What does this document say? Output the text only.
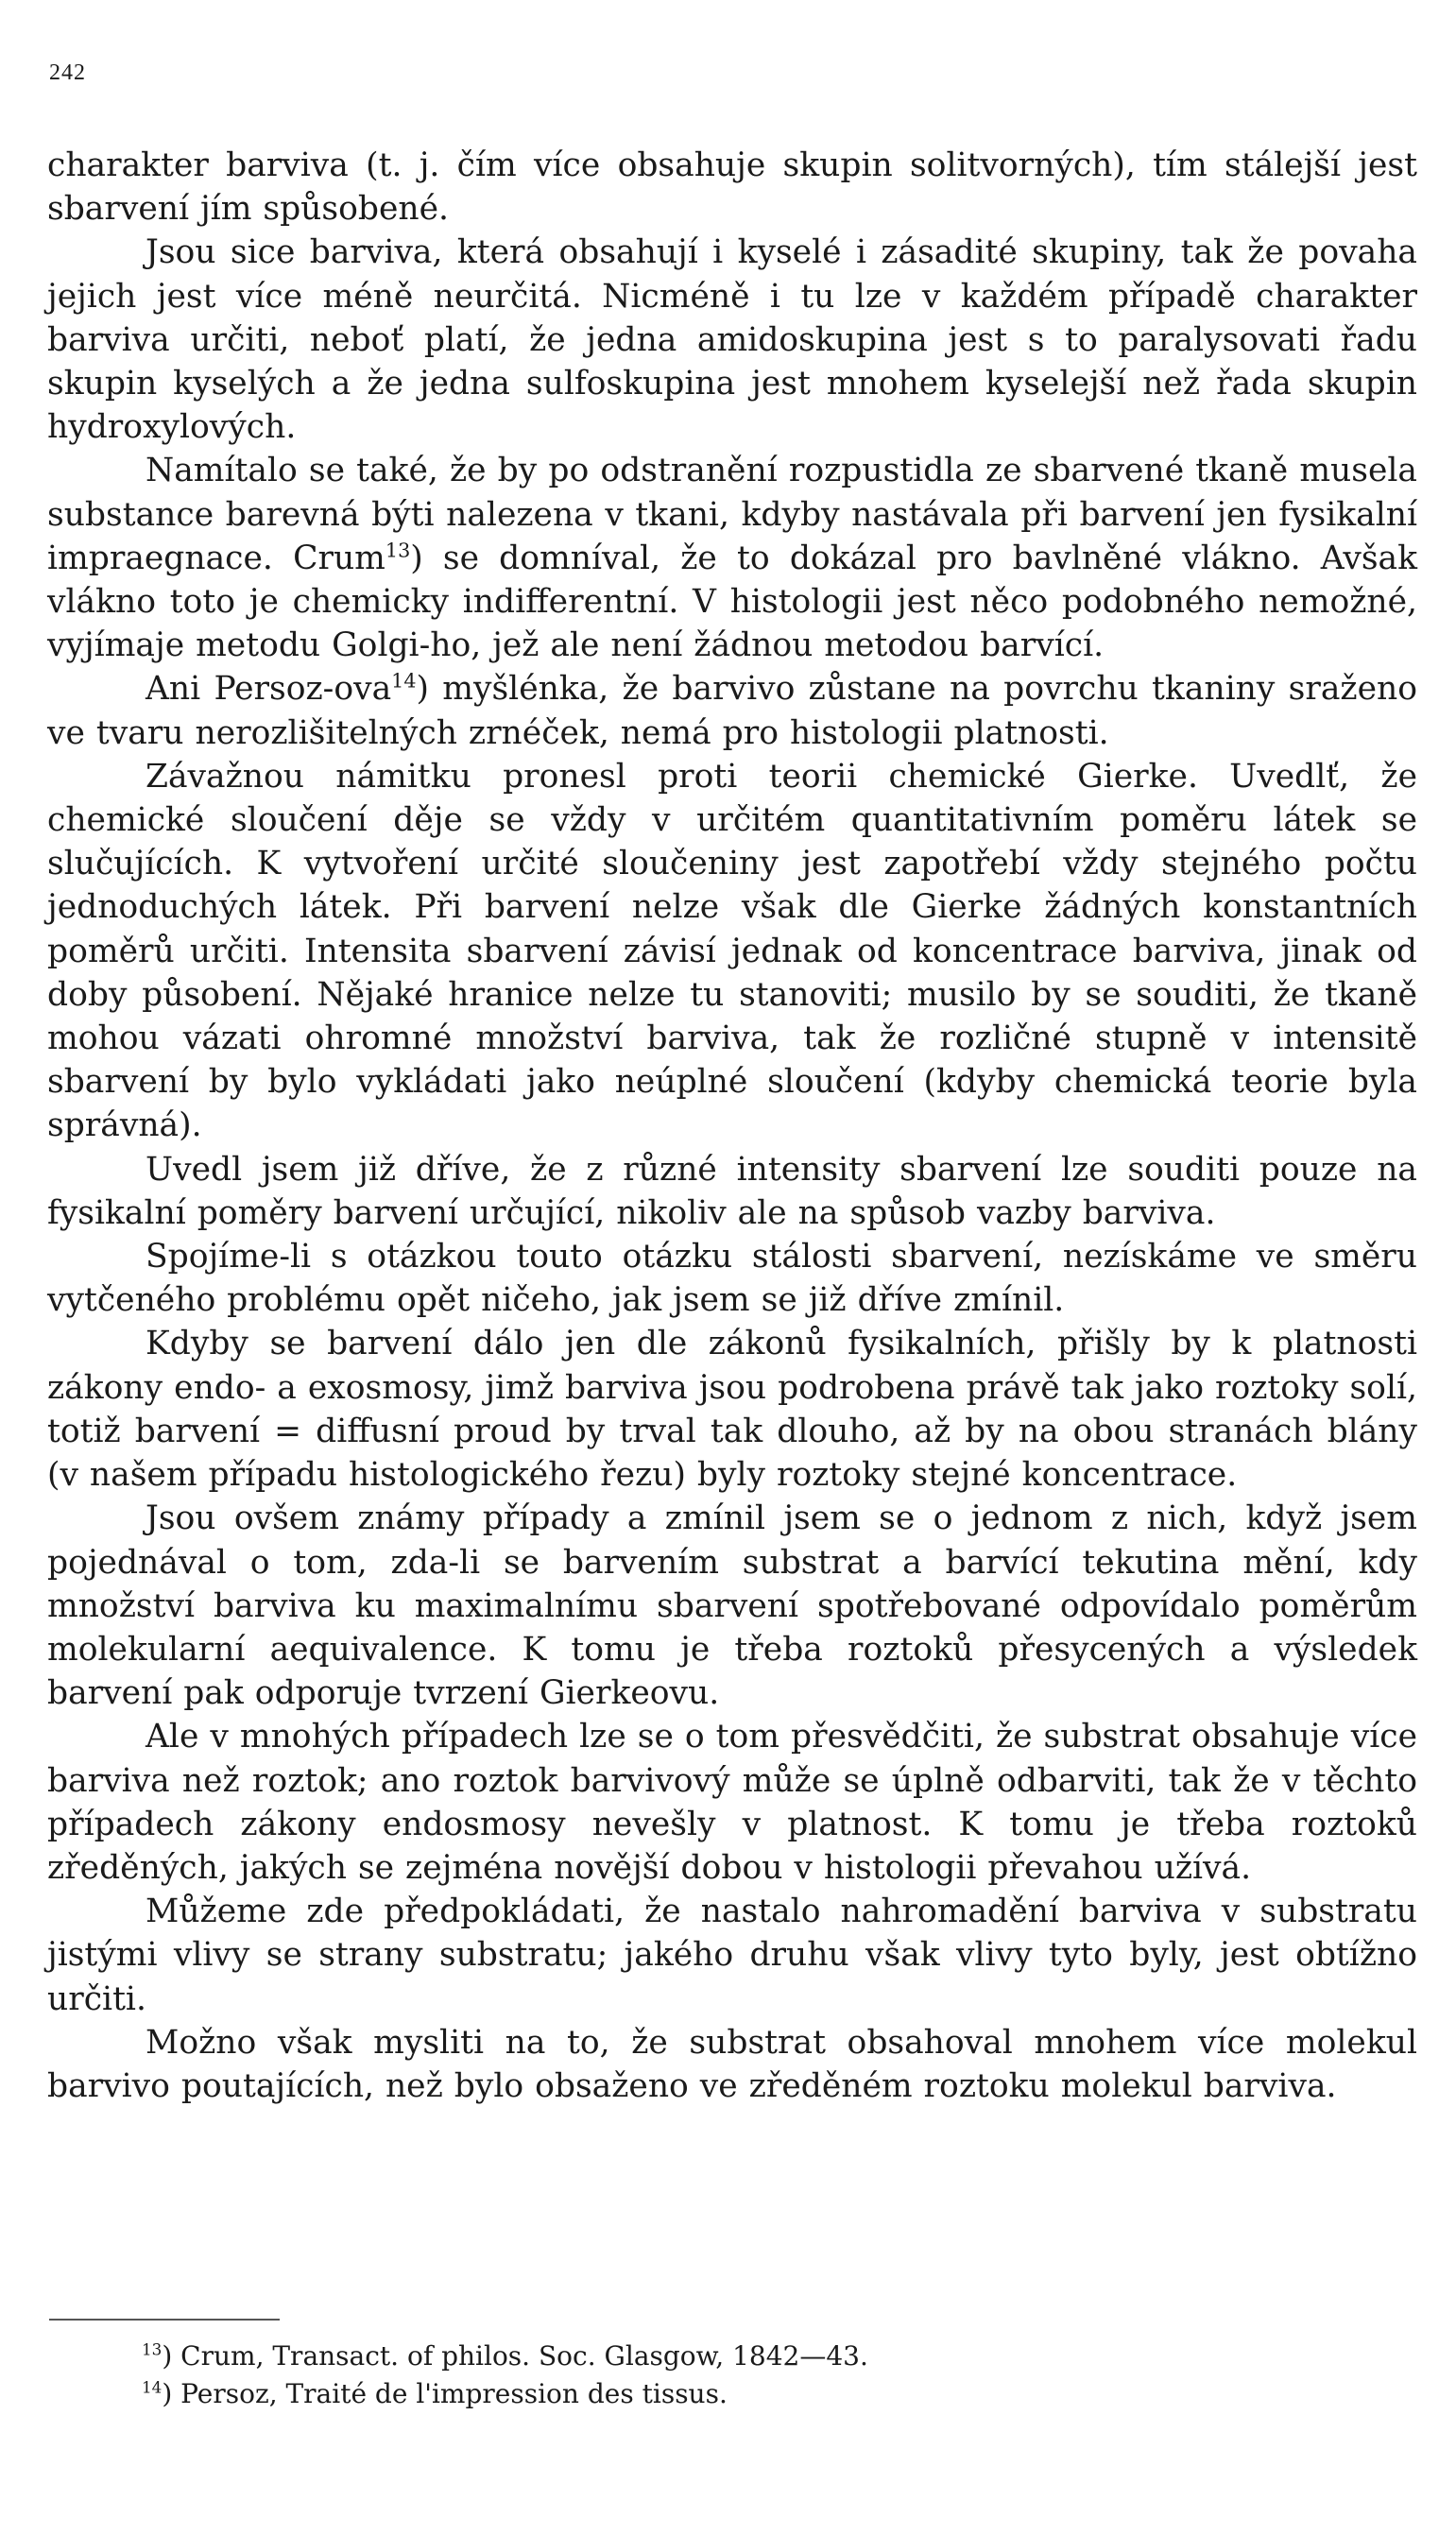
242

charakter barviva (t. j. čím více obsahuje skupin solitvorných), tím stálejší jest sbarvení jím spůsobené.

Jsou sice barviva, která obsahují i kyselé i zásadité skupiny, tak že povaha jejich jest více méně neurčitá. Nicméně i tu lze v každém případě charakter barviva určiti, neboť platí, že jedna amidoskupina jest s to paralysovati řadu skupin kyselých a že jedna sulfoskupina jest mnohem kyselejší než řada skupin hydroxylových.

Namítalo se také, že by po odstranění rozpustidla ze sbarvené tkaně musela substance barevná býti nalezena v tkani, kdyby nastávala při barvení jen fysikalní impraegnace. Crum$^{13}$) se domníval, že to dokázal pro bavlněné vlákno. Avšak vlákno toto je chemicky indifferentní. V histologii jest něco podobného nemožné, vyjímaje metodu Golgi-ho, jež ale není žádnou metodou barvící.

Ani Persoz-ova$^{14}$) myšlénka, že barvivo zůstane na povrchu tkaniny sraženo ve tvaru nerozlišitelných zrnéček, nemá pro histologii platnosti.

Závažnou námitku pronesl proti teorii chemické Gierke. Uvedlť, že chemické sloučení děje se vždy v určitém quantitativním poměru látek se slučujících. K vytvoření určité sloučeniny jest zapotřebí vždy stejného počtu jednoduchých látek. Při barvení nelze však dle Gierke žádných konstantních poměrů určiti. Intensita sbarvení závisí jednak od koncentrace barviva, jinak od doby působení. Nějaké hranice nelze tu stanoviti; musilo by se souditi, že tkaně mohou vázati ohromné množství barviva, tak že rozličné stupně v intensitě sbarvení by bylo vykládati jako neúplné sloučení (kdyby chemická teorie byla správná).

Uvedl jsem již dříve, že z různé intensity sbarvení lze souditi pouze na fysikalní poměry barvení určující, nikoliv ale na spůsob vazby barviva.

Spojíme-li s otázkou touto otázku stálosti sbarvení, nezískáme ve směru vytčeného problému opět ničeho, jak jsem se již dříve zmínil.

Kdyby se barvení dálo jen dle zákonů fysikalních, přišly by k platnosti zákony endo- a exosmosy, jimž barviva jsou podrobena právě tak jako roztoky solí, totiž barvení = diffusní proud by trval tak dlouho, až by na obou stranách blány (v našem případu histologického řezu) byly roztoky stejné koncentrace.

Jsou ovšem známy případy a zmínil jsem se o jednom z nich, když jsem pojednával o tom, zda-li se barvením substrat a barvící tekutina mění, kdy množství barviva ku maximalnímu sbarvení spotřebované odpovídalo poměrům molekularní aequivalence. K tomu je třeba roztoků přesycených a výsledek barvení pak odporuje tvrzení Gierkeovu.

Ale v mnohých případech lze se o tom přesvědčiti, že substrat obsahuje více barviva než roztok; ano roztok barvivový může se úplně odbarviti, tak že v těchto případech zákony endosmosy nevešly v platnost. K tomu je třeba roztoků zředěných, jakých se zejména novější dobou v histologii převahou užívá.

Můžeme zde předpokládati, že nastalo nahromadění barviva v substratu jistými vlivy se strany substratu; jakého druhu však vlivy tyto byly, jest obtížno určiti.

Možno však mysliti na to, že substrat obsahoval mnohem více molekul barvivo poutajících, než bylo obsaženo ve zředěném roztoku molekul barviva.

$^{13}$) Crum, Transact. of philos. Soc. Glasgow, 1842—43.

$^{14}$) Persoz, Traité de l'impression des tissus.
